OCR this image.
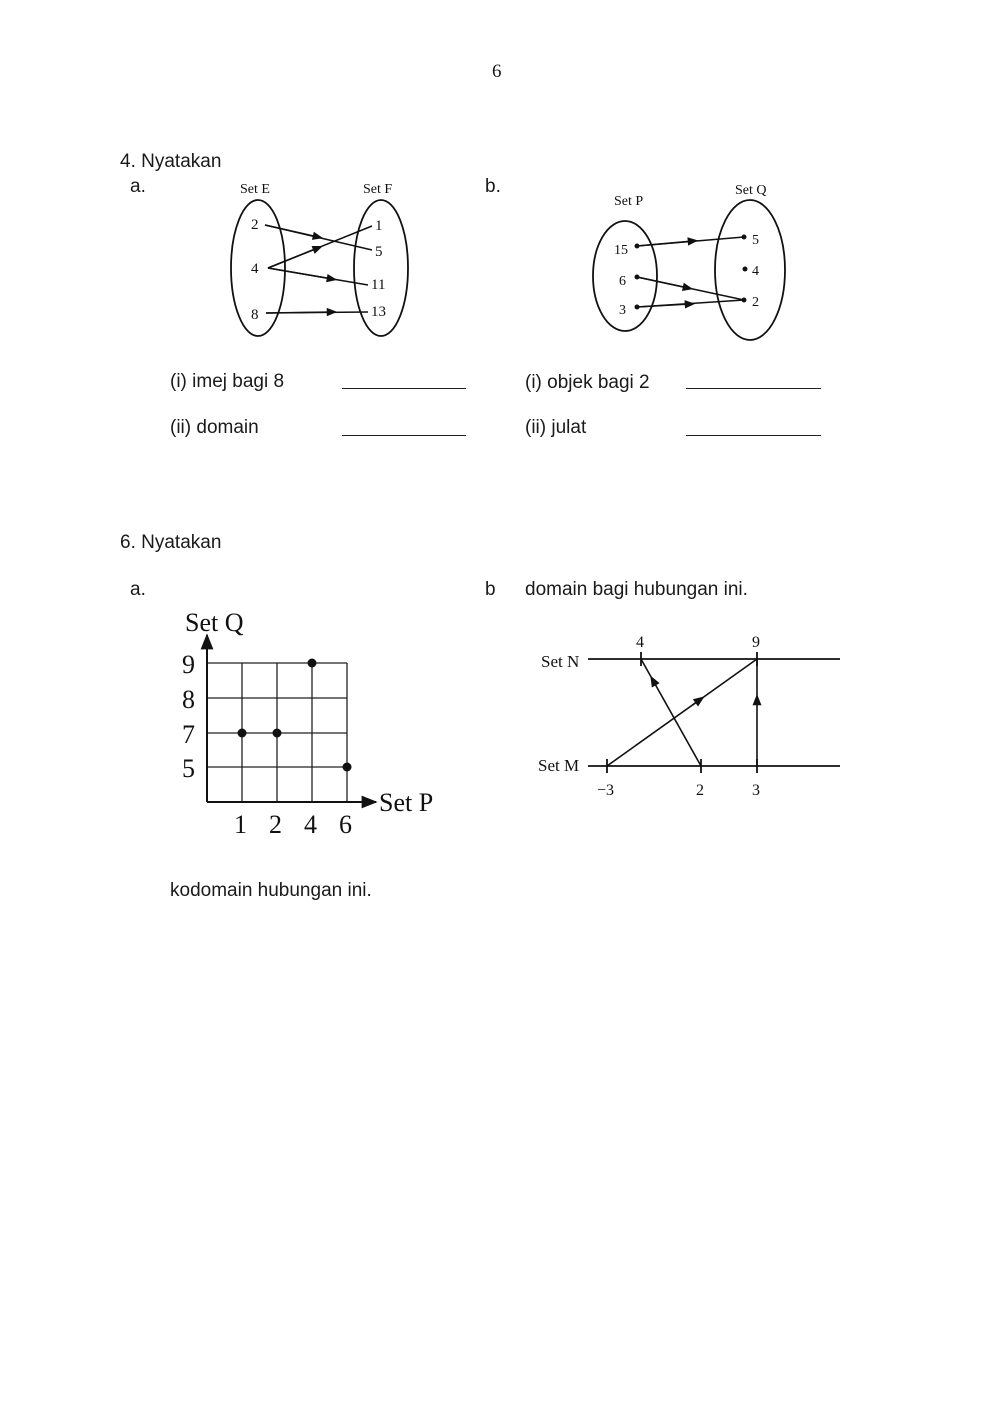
6
4. Nyatakan
a.	b.
Set E	Set F
2
4
8
1
5
11
13
Set P
Set Q
15
6
3
5
4
2
(i) imej bagi 8
(ii) domain
(i) objek bagi 2
(ii) julat
6. Nyatakan
a.	b domain bagi hubungan ini.
Set Q
Set P
1 2 4 6
5
7
8
9	Set N
Set M
4	9
−3	2	3
kodomain hubungan ini.
